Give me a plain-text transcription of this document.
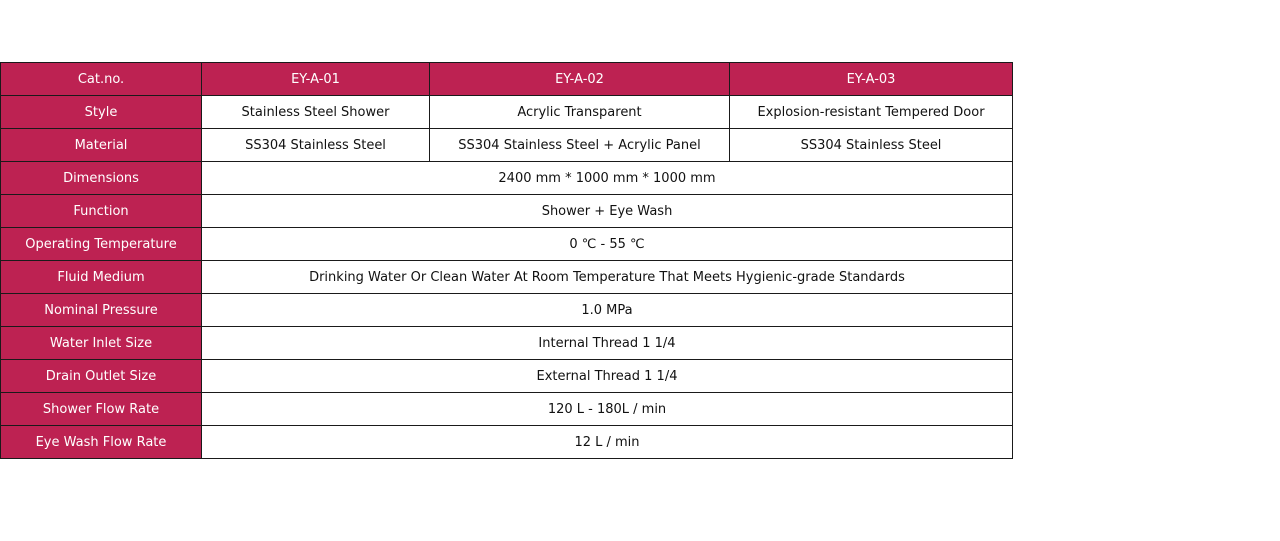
Cat.no.	EY-A-01	EY-A-02	EY-A-03
Style	Stainless Steel Shower	Acrylic Transparent	Explosion-resistant Tempered Door
Material	SS304 Stainless Steel	SS304 Stainless Steel + Acrylic Panel	SS304 Stainless Steel
Dimensions	2400 mm * 1000 mm * 1000 mm		
Function	Shower + Eye Wash		
Operating Temperature	0 ℃ - 55 ℃		
Fluid Medium	Drinking Water Or Clean Water At Room Temperature That Meets Hygienic-grade Standards		
Nominal Pressure	1.0 MPa		
Water Inlet Size	Internal Thread 1 1/4		
Drain Outlet Size	External Thread 1 1/4		
Shower Flow Rate	120 L - 180L / min		
Eye Wash Flow Rate	12 L / min		
